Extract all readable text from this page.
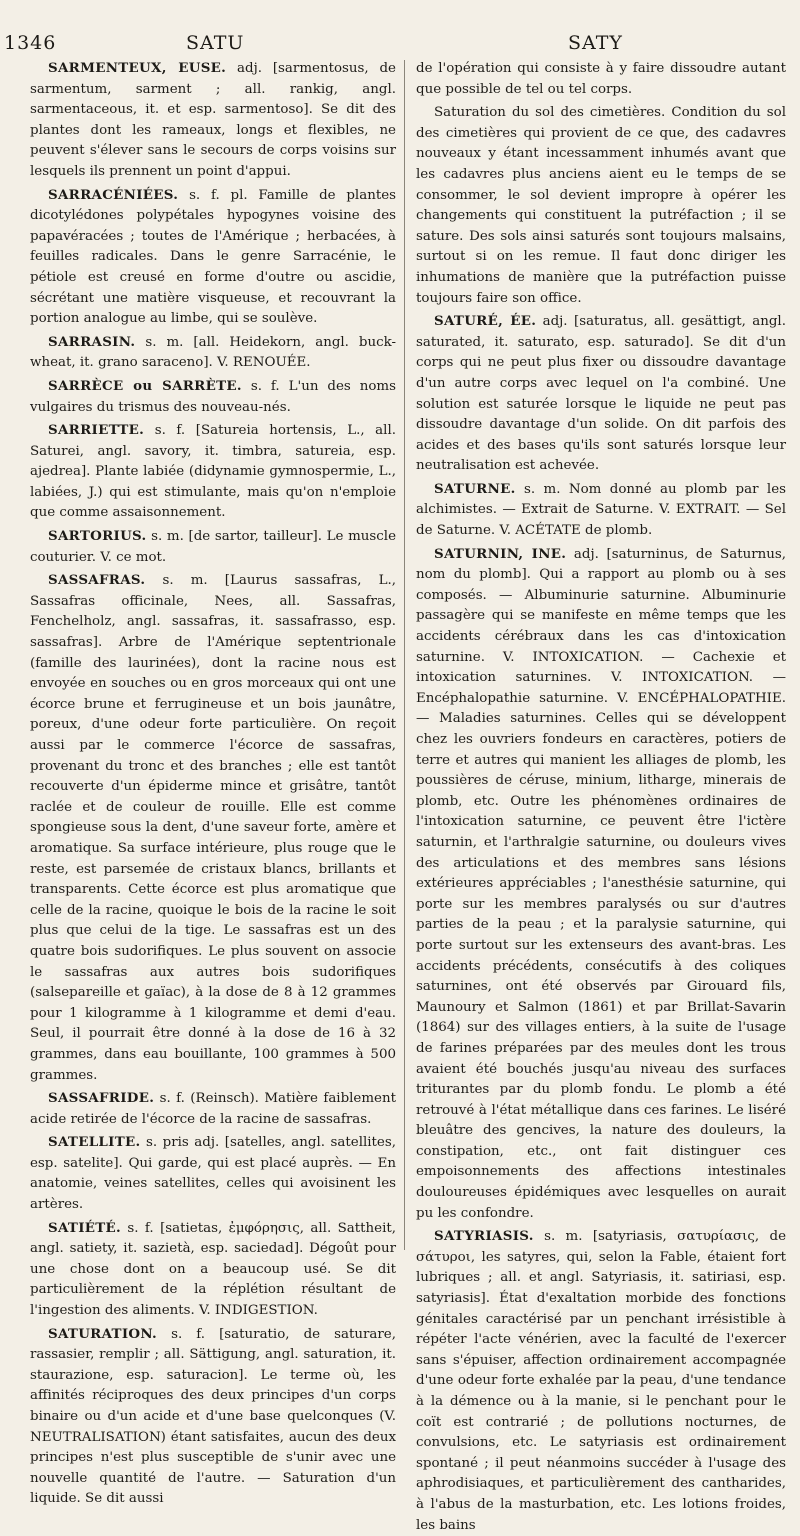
1346	SATU	SATY

SARMENTEUX, EUSE. adj. [sarmentosus, de sarmentum, sarment ; all. rankig, angl. sarmentaceous, it. et esp. sarmentoso]. Se dit des plantes dont les rameaux, longs et flexibles, ne peuvent s'élever sans le secours de corps voisins sur lesquels ils prennent un point d'appui.

SARRACÉNIÉES. s. f. pl. Famille de plantes dicotylédones polypétales hypogynes voisine des papavéracées ; toutes de l'Amérique ; herbacées, à feuilles radicales. Dans le genre Sarracénie, le pétiole est creusé en forme d'outre ou ascidie, sécrétant une matière visqueuse, et recouvrant la portion analogue au limbe, qui se soulève.

SARRASIN. s. m. [all. Heidekorn, angl. buck-wheat, it. grano saraceno]. V. RENOUÉE.

SARRÈCE ou SARRÈTE. s. f. L'un des noms vulgaires du trismus des nouveau-nés.

SARRIETTE. s. f. [Satureia hortensis, L., all. Saturei, angl. savory, it. timbra, satureia, esp. ajedrea]. Plante labiée (didynamie gymnospermie, L., labiées, J.) qui est stimulante, mais qu'on n'emploie que comme assaisonnement.

SARTORIUS. s. m. [de sartor, tailleur]. Le muscle couturier. V. ce mot.

SASSAFRAS. s. m. [Laurus sassafras, L., Sassafras officinale, Nees, all. Sassafras, Fenchelholz, angl. sassafras, it. sassafrasso, esp. sassafras]. Arbre de l'Amérique septentrionale (famille des laurinées), dont la racine nous est envoyée en souches ou en gros morceaux qui ont une écorce brune et ferrugineuse et un bois jaunâtre, poreux, d'une odeur forte particulière. On reçoit aussi par le commerce l'écorce de sassafras, provenant du tronc et des branches ; elle est tantôt recouverte d'un épiderme mince et grisâtre, tantôt raclée et de couleur de rouille. Elle est comme spongieuse sous la dent, d'une saveur forte, amère et aromatique. Sa surface intérieure, plus rouge que le reste, est parsemée de cristaux blancs, brillants et transparents. Cette écorce est plus aromatique que celle de la racine, quoique le bois de la racine le soit plus que celui de la tige. Le sassafras est un des quatre bois sudorifiques. Le plus souvent on associe le sassafras aux autres bois sudorifiques (salsepareille et gaïac), à la dose de 8 à 12 grammes pour 1 kilogramme à 1 kilogramme et demi d'eau. Seul, il pourrait être donné à la dose de 16 à 32 grammes, dans eau bouillante, 100 grammes à 500 grammes.

SASSAFRIDE. s. f. (Reinsch). Matière faiblement acide retirée de l'écorce de la racine de sassafras.

SATELLITE. s. pris adj. [satelles, angl. satellites, esp. satelite]. Qui garde, qui est placé auprès. — En anatomie, veines satellites, celles qui avoisinent les artères.

SATIÉTÉ. s. f. [satietas, ἐμφόρησις, all. Sattheit, angl. satiety, it. sazietà, esp. saciedad]. Dégoût pour une chose dont on a beaucoup usé. Se dit particulièrement de la réplétion résultant de l'ingestion des aliments. V. INDIGESTION.

SATURATION. s. f. [saturatio, de saturare, rassasier, remplir ; all. Sättigung, angl. saturation, it. staurazione, esp. saturacion]. Le terme où, les affinités réciproques des deux principes d'un corps binaire ou d'un acide et d'une base quelconques (V. NEUTRALISATION) étant satisfaites, aucun des deux principes n'est plus susceptible de s'unir avec une nouvelle quantité de l'autre. — Saturation d'un liquide. Se dit aussi

de l'opération qui consiste à y faire dissoudre autant que possible de tel ou tel corps.

Saturation du sol des cimetières. Condition du sol des cimetières qui provient de ce que, des cadavres nouveaux y étant incessamment inhumés avant que les cadavres plus anciens aient eu le temps de se consommer, le sol devient impropre à opérer les changements qui constituent la putréfaction ; il se sature. Des sols ainsi saturés sont toujours malsains, surtout si on les remue. Il faut donc diriger les inhumations de manière que la putréfaction puisse toujours faire son office.

SATURÉ, ÉE. adj. [saturatus, all. gesättigt, angl. saturated, it. saturato, esp. saturado]. Se dit d'un corps qui ne peut plus fixer ou dissoudre davantage d'un autre corps avec lequel on l'a combiné. Une solution est saturée lorsque le liquide ne peut pas dissoudre davantage d'un solide. On dit parfois des acides et des bases qu'ils sont saturés lorsque leur neutralisation est achevée.

SATURNE. s. m. Nom donné au plomb par les alchimistes. — Extrait de Saturne. V. EXTRAIT. — Sel de Saturne. V. ACÉTATE de plomb.

SATURNIN, INE. adj. [saturninus, de Saturnus, nom du plomb]. Qui a rapport au plomb ou à ses composés. — Albuminurie saturnine. Albuminurie passagère qui se manifeste en même temps que les accidents cérébraux dans les cas d'intoxication saturnine. V. INTOXICATION. — Cachexie et intoxication saturnines. V. INTOXICATION. — Encéphalopathie saturnine. V. ENCÉPHALOPATHIE. — Maladies saturnines. Celles qui se développent chez les ouvriers fondeurs en caractères, potiers de terre et autres qui manient les alliages de plomb, les poussières de céruse, minium, litharge, minerais de plomb, etc. Outre les phénomènes ordinaires de l'intoxication saturnine, ce peuvent être l'ictère saturnin, et l'arthralgie saturnine, ou douleurs vives des articulations et des membres sans lésions extérieures appréciables ; l'anesthésie saturnine, qui porte sur les membres paralysés ou sur d'autres parties de la peau ; et la paralysie saturnine, qui porte surtout sur les extenseurs des avant-bras. Les accidents précédents, consécutifs à des coliques saturnines, ont été observés par Girouard fils, Maunoury et Salmon (1861) et par Brillat-Savarin (1864) sur des villages entiers, à la suite de l'usage de farines préparées par des meules dont les trous avaient été bouchés jusqu'au niveau des surfaces triturantes par du plomb fondu. Le plomb a été retrouvé à l'état métallique dans ces farines. Le liséré bleuâtre des gencives, la nature des douleurs, la constipation, etc., ont fait distinguer ces empoisonnements des affections intestinales douloureuses épidémiques avec lesquelles on aurait pu les confondre.

SATYRIASIS. s. m. [satyriasis, σατυρίασις, de σάτυροι, les satyres, qui, selon la Fable, étaient fort lubriques ; all. et angl. Satyriasis, it. satiriasi, esp. satyriasis]. État d'exaltation morbide des fonctions génitales caractérisé par un penchant irrésistible à répéter l'acte vénérien, avec la faculté de l'exercer sans s'épuiser, affection ordinairement accompagnée d'une odeur forte exhalée par la peau, d'une tendance à la démence ou à la manie, si le penchant pour le coït est contrarié ; de pollutions nocturnes, de convulsions, etc. Le satyriasis est ordinairement spontané ; il peut néanmoins succéder à l'usage des aphrodisiaques, et particulièrement des cantharides, à l'abus de la masturbation, etc. Les lotions froides, les bains
